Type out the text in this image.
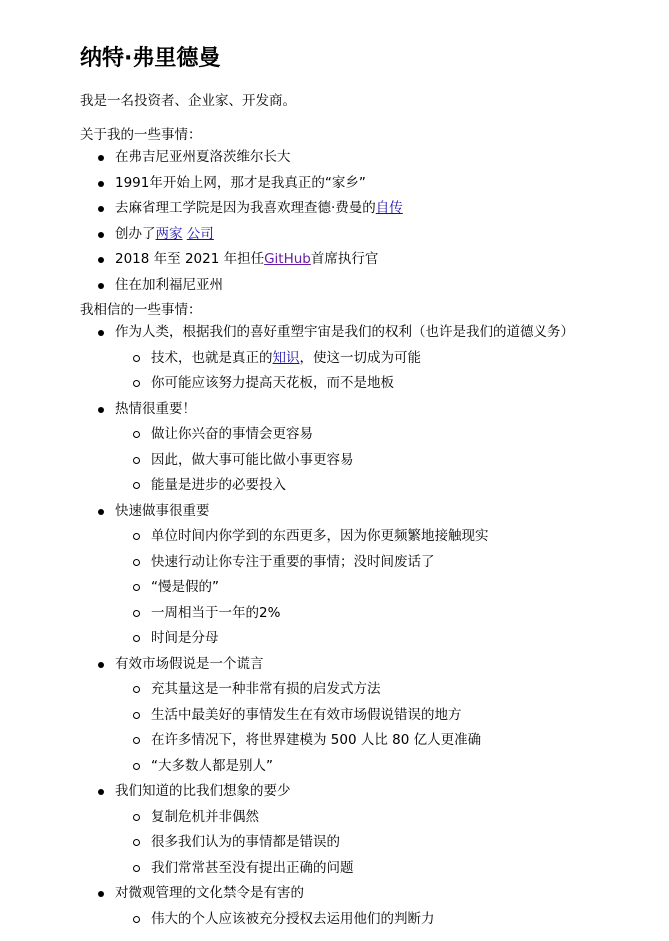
纳特·弗里德曼

我是一名投资者、企业家、开发商。

关于我的一些事情：

在弗吉尼亚州夏洛茨维尔长大
1991年开始上网，那才是我真正的“家乡”
去麻省理工学院是因为我喜欢理查德·费曼的自传
创办了两家 公司
2018 年至 2021 年担任GitHub首席执行官
住在加利福尼亚州

我相信的一些事情：

作为人类，根据我们的喜好重塑宇宙是我们的权利（也许是我们的道德义务）
技术，也就是真正的知识，使这一切成为可能
你可能应该努力提高天花板，而不是地板
热情很重要！
做让你兴奋的事情会更容易
因此，做大事可能比做小事更容易
能量是进步的必要投入
快速做事很重要
单位时间内你学到的东西更多，因为你更频繁地接触现实
快速行动让你专注于重要的事情；没时间废话了
“慢是假的”
一周相当于一年的2%
时间是分母
有效市场假说是一个谎言
充其量这是一种非常有损的启发式方法
生活中最美好的事情发生在有效市场假说错误的地方
在许多情况下，将世界建模为 500 人比 80 亿人更准确
“大多数人都是别人”
我们知道的比我们想象的要少
复制危机并非偶然
很多我们认为的事情都是错误的
我们常常甚至没有提出正确的问题
对微观管理的文化禁令是有害的
伟大的个人应该被充分授权去运用他们的判断力
